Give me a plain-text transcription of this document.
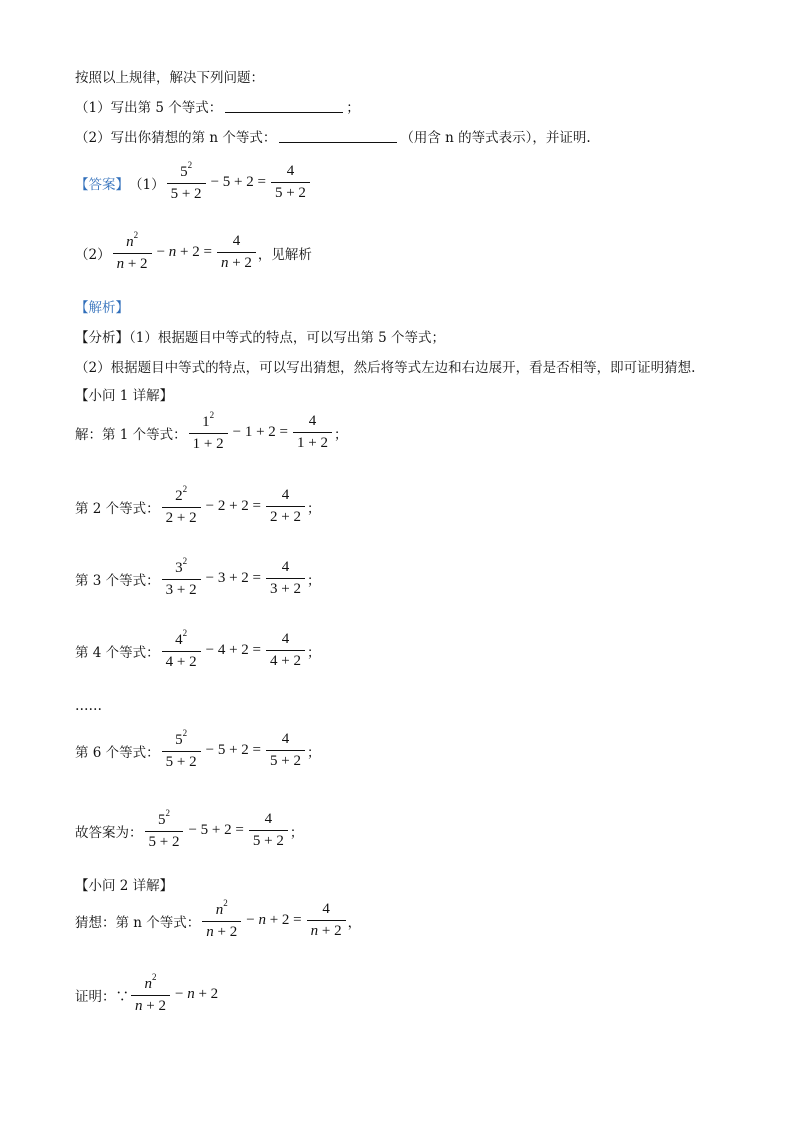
按照以上规律，解决下列问题：
（1）写出第 5 个等式：	；
（2）写出你猜想的第 n 个等式：	（用含 n 的等式表示），并证明.
【答案】 $(1) \frac{5^2}{5 + 2} - 5 + 2 = \frac{4}{5 + 2}$
$(2) \frac{n^2}{n + 2} - n + 2 = \frac{4}{n + 2}$ ，见解析
【解析】
【分析】（1）根据题目中等式的特点，可以写出第 5 个等式；
（2）根据题目中等式的特点，可以写出猜想，然后将等式左边和右边展开，看是否相等，即可证明猜想.
【小问 1 详解】
解：第 1 个等式： $\frac{1^2}{1 + 2} - 1 + 2 = \frac{4}{1 + 2}$ ；
第 2 个等式： $\frac{2^2}{2 + 2} - 2 + 2 = \frac{4}{2 + 2}$ ；
第 3 个等式： $\frac{3^2}{3 + 2} - 3 + 2 = \frac{4}{3 + 2}$ ；
第 4 个等式： $\frac{4^2}{4 + 2} - 4 + 2 = \frac{4}{4 + 2}$ ；
……
第 6 个等式： $\frac{5^2}{5 + 2} - 5 + 2 = \frac{4}{5 + 2}$ ；
故答案为： $\frac{5^2}{5 + 2} - 5 + 2 = \frac{4}{5 + 2}$ ；
【小问 2 详解】
猜想：第 n 个等式： $\frac{n^2}{n + 2} - n + 2 = \frac{4}{n + 2}$ ，
证明：∵ $\frac{n^2}{n + 2} - n + 2$
